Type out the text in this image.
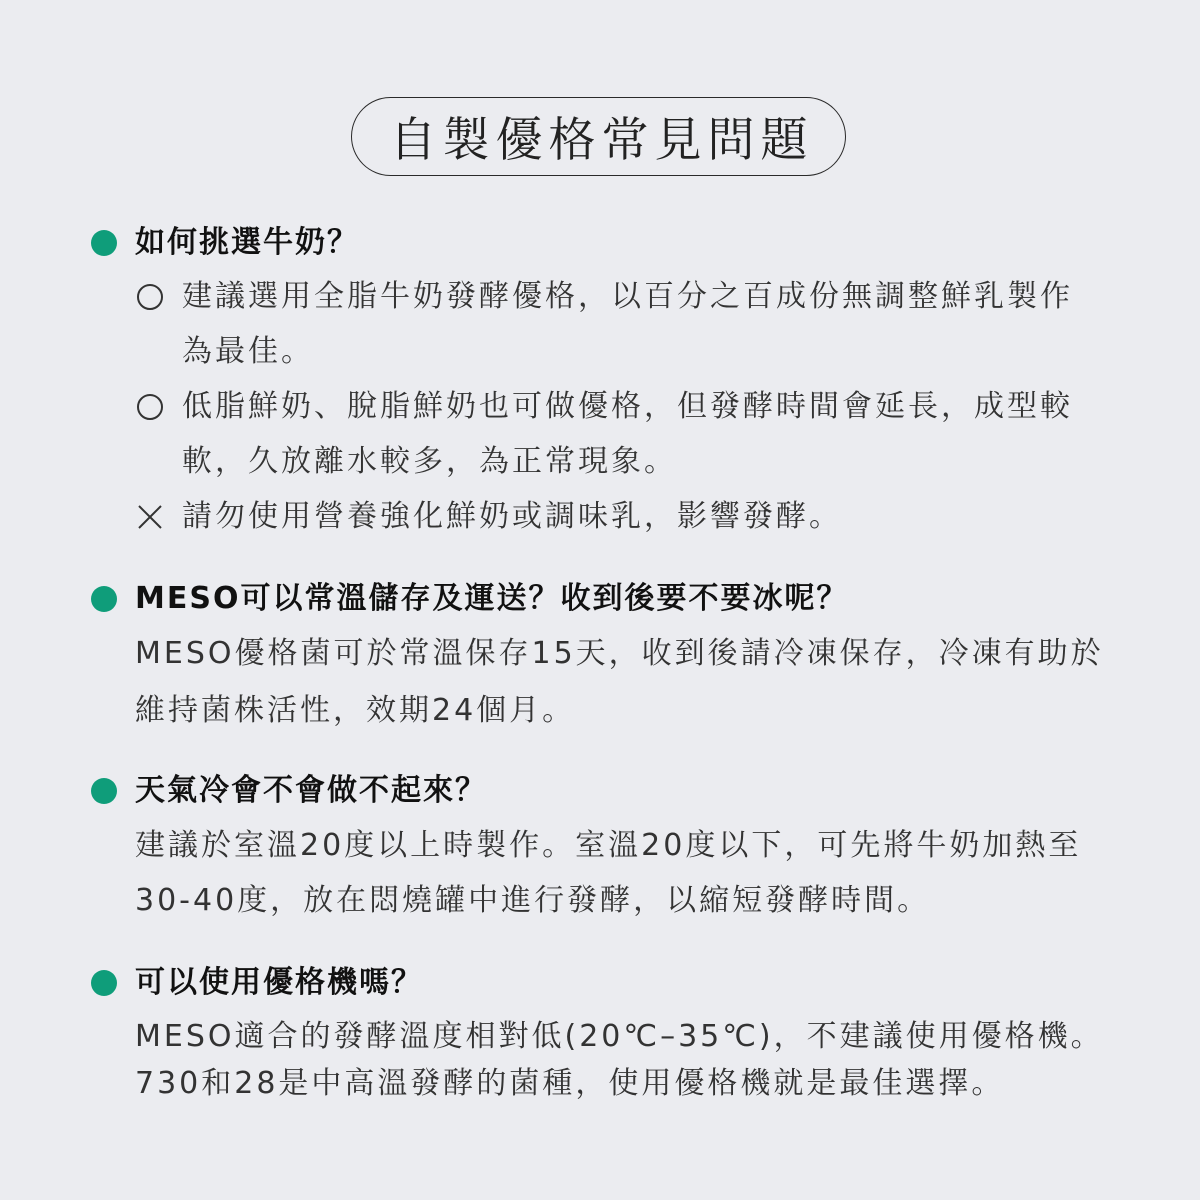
自製優格常見問題
如何挑選牛奶？
建議選用全脂牛奶發酵優格，以百分之百成份無調整鮮乳製作
為最佳。
低脂鮮奶、脫脂鮮奶也可做優格，但發酵時間會延長，成型較
軟，久放離水較多，為正常現象。
請勿使用營養強化鮮奶或調味乳，影響發酵。
MESO可以常溫儲存及運送？收到後要不要冰呢？
MESO優格菌可於常溫保存15天，收到後請冷凍保存，冷凍有助於
維持菌株活性，效期24個月。
天氣冷會不會做不起來？
建議於室溫20度以上時製作。室溫20度以下，可先將牛奶加熱至
30-40度，放在悶燒罐中進行發酵，以縮短發酵時間。
可以使用優格機嗎？
MESO適合的發酵溫度相對低(20℃–35℃)，不建議使用優格機。
730和28是中高溫發酵的菌種，使用優格機就是最佳選擇。
